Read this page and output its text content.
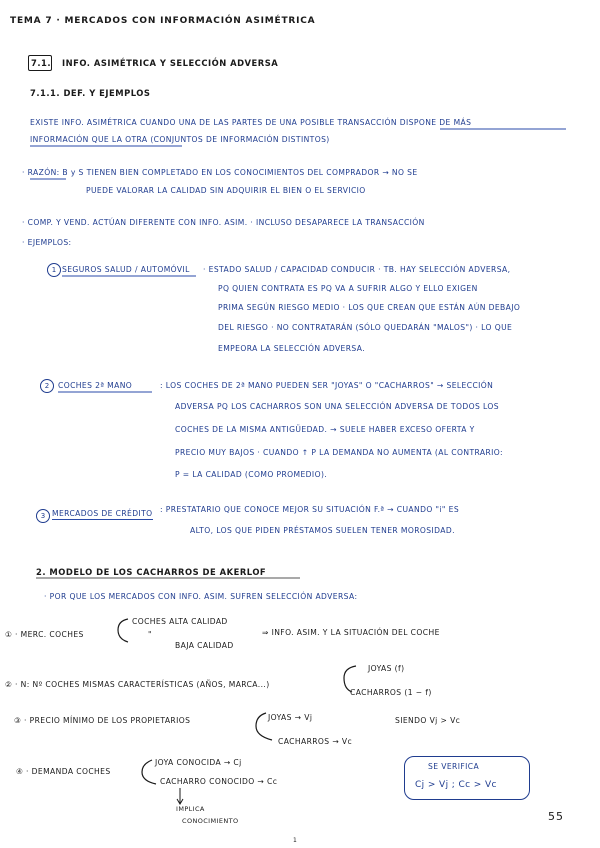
TEMA 7 · MERCADOS CON INFORMACIÓN ASIMÉTRICA
7.1. INFO. ASIMÉTRICA Y SELECCIÓN ADVERSA
7.1.1. DEF. Y EJEMPLOS
EXISTE INFO. ASIMÉTRICA CUANDO UNA DE LAS PARTES DE UNA POSIBLE TRANSACCIÓN DISPONE DE MÁS
INFORMACIÓN QUE LA OTRA (CONJUNTOS DE INFORMACIÓN DISTINTOS)
· RAZÓN: B y S TIENEN BIEN COMPLETADO EN LOS CONOCIMIENTOS DEL COMPRADOR → NO SE
PUEDE VALORAR LA CALIDAD SIN ADQUIRIR EL BIEN O EL SERVICIO
· COMP. Y VEND. ACTÚAN DIFERENTE CON INFO. ASIM. · INCLUSO DESAPARECE LA TRANSACCIÓN
· EJEMPLOS:
1 SEGUROS SALUD / AUTOMÓVIL · ESTADO SALUD / CAPACIDAD CONDUCIR · TB. HAY SELECCIÓN ADVERSA,
PQ QUIEN CONTRATA ES PQ VA A SUFRIR ALGO Y ELLO EXIGEN
PRIMA SEGÚN RIESGO MEDIO · LOS QUE CREAN QUE ESTÁN AÚN DEBAJO
DEL RIESGO · NO CONTRATARÁN (SÓLO QUEDARÁN "MALOS") · LO QUE
EMPEORA LA SELECCIÓN ADVERSA.
2	COCHES 2ª MANO	: LOS COCHES DE 2ª MANO PUEDEN SER "JOYAS" O "CACHARROS" → SELECCIÓN
ADVERSA PQ LOS CACHARROS SON UNA SELECCIÓN ADVERSA DE TODOS LOS
COCHES DE LA MISMA ANTIGÜEDAD. → SUELE HABER EXCESO OFERTA Y
PRECIO MUY BAJOS · CUANDO ↑ P LA DEMANDA NO AUMENTA (AL CONTRARIO:
P = LA CALIDAD (COMO PROMEDIO).
3 MERCADOS DE CRÉDITO : PRESTATARIO QUE CONOCE MEJOR SU SITUACIÓN F.ª → CUANDO "i" ES
ALTO, LOS QUE PIDEN PRÉSTAMOS SUELEN TENER MOROSIDAD.
2. MODELO DE LOS CACHARROS DE AKERLOF
· POR QUE LOS MERCADOS CON INFO. ASIM. SUFREN SELECCIÓN ADVERSA:
① · MERC. COCHES
COCHES ALTA CALIDAD
"
BAJA CALIDAD
⇒ INFO. ASIM. Y LA SITUACIÓN DEL COCHE
② · N: Nº COCHES MISMAS CARACTERÍSTICAS (AÑOS, MARCA...)
JOYAS (f)
CACHARROS (1 − f)
③ · PRECIO MÍNIMO DE LOS PROPIETARIOS	JOYAS → Vj
CACHARROS → Vc
SIENDO Vj > Vc
④ · DEMANDA COCHES
JOYA CONOCIDA → Cj
CACHARRO CONOCIDO → Cc
SE VERIFICA
Cj > Vj ; Cc > Vc
IMPLICA
CONOCIMIENTO	55
1
